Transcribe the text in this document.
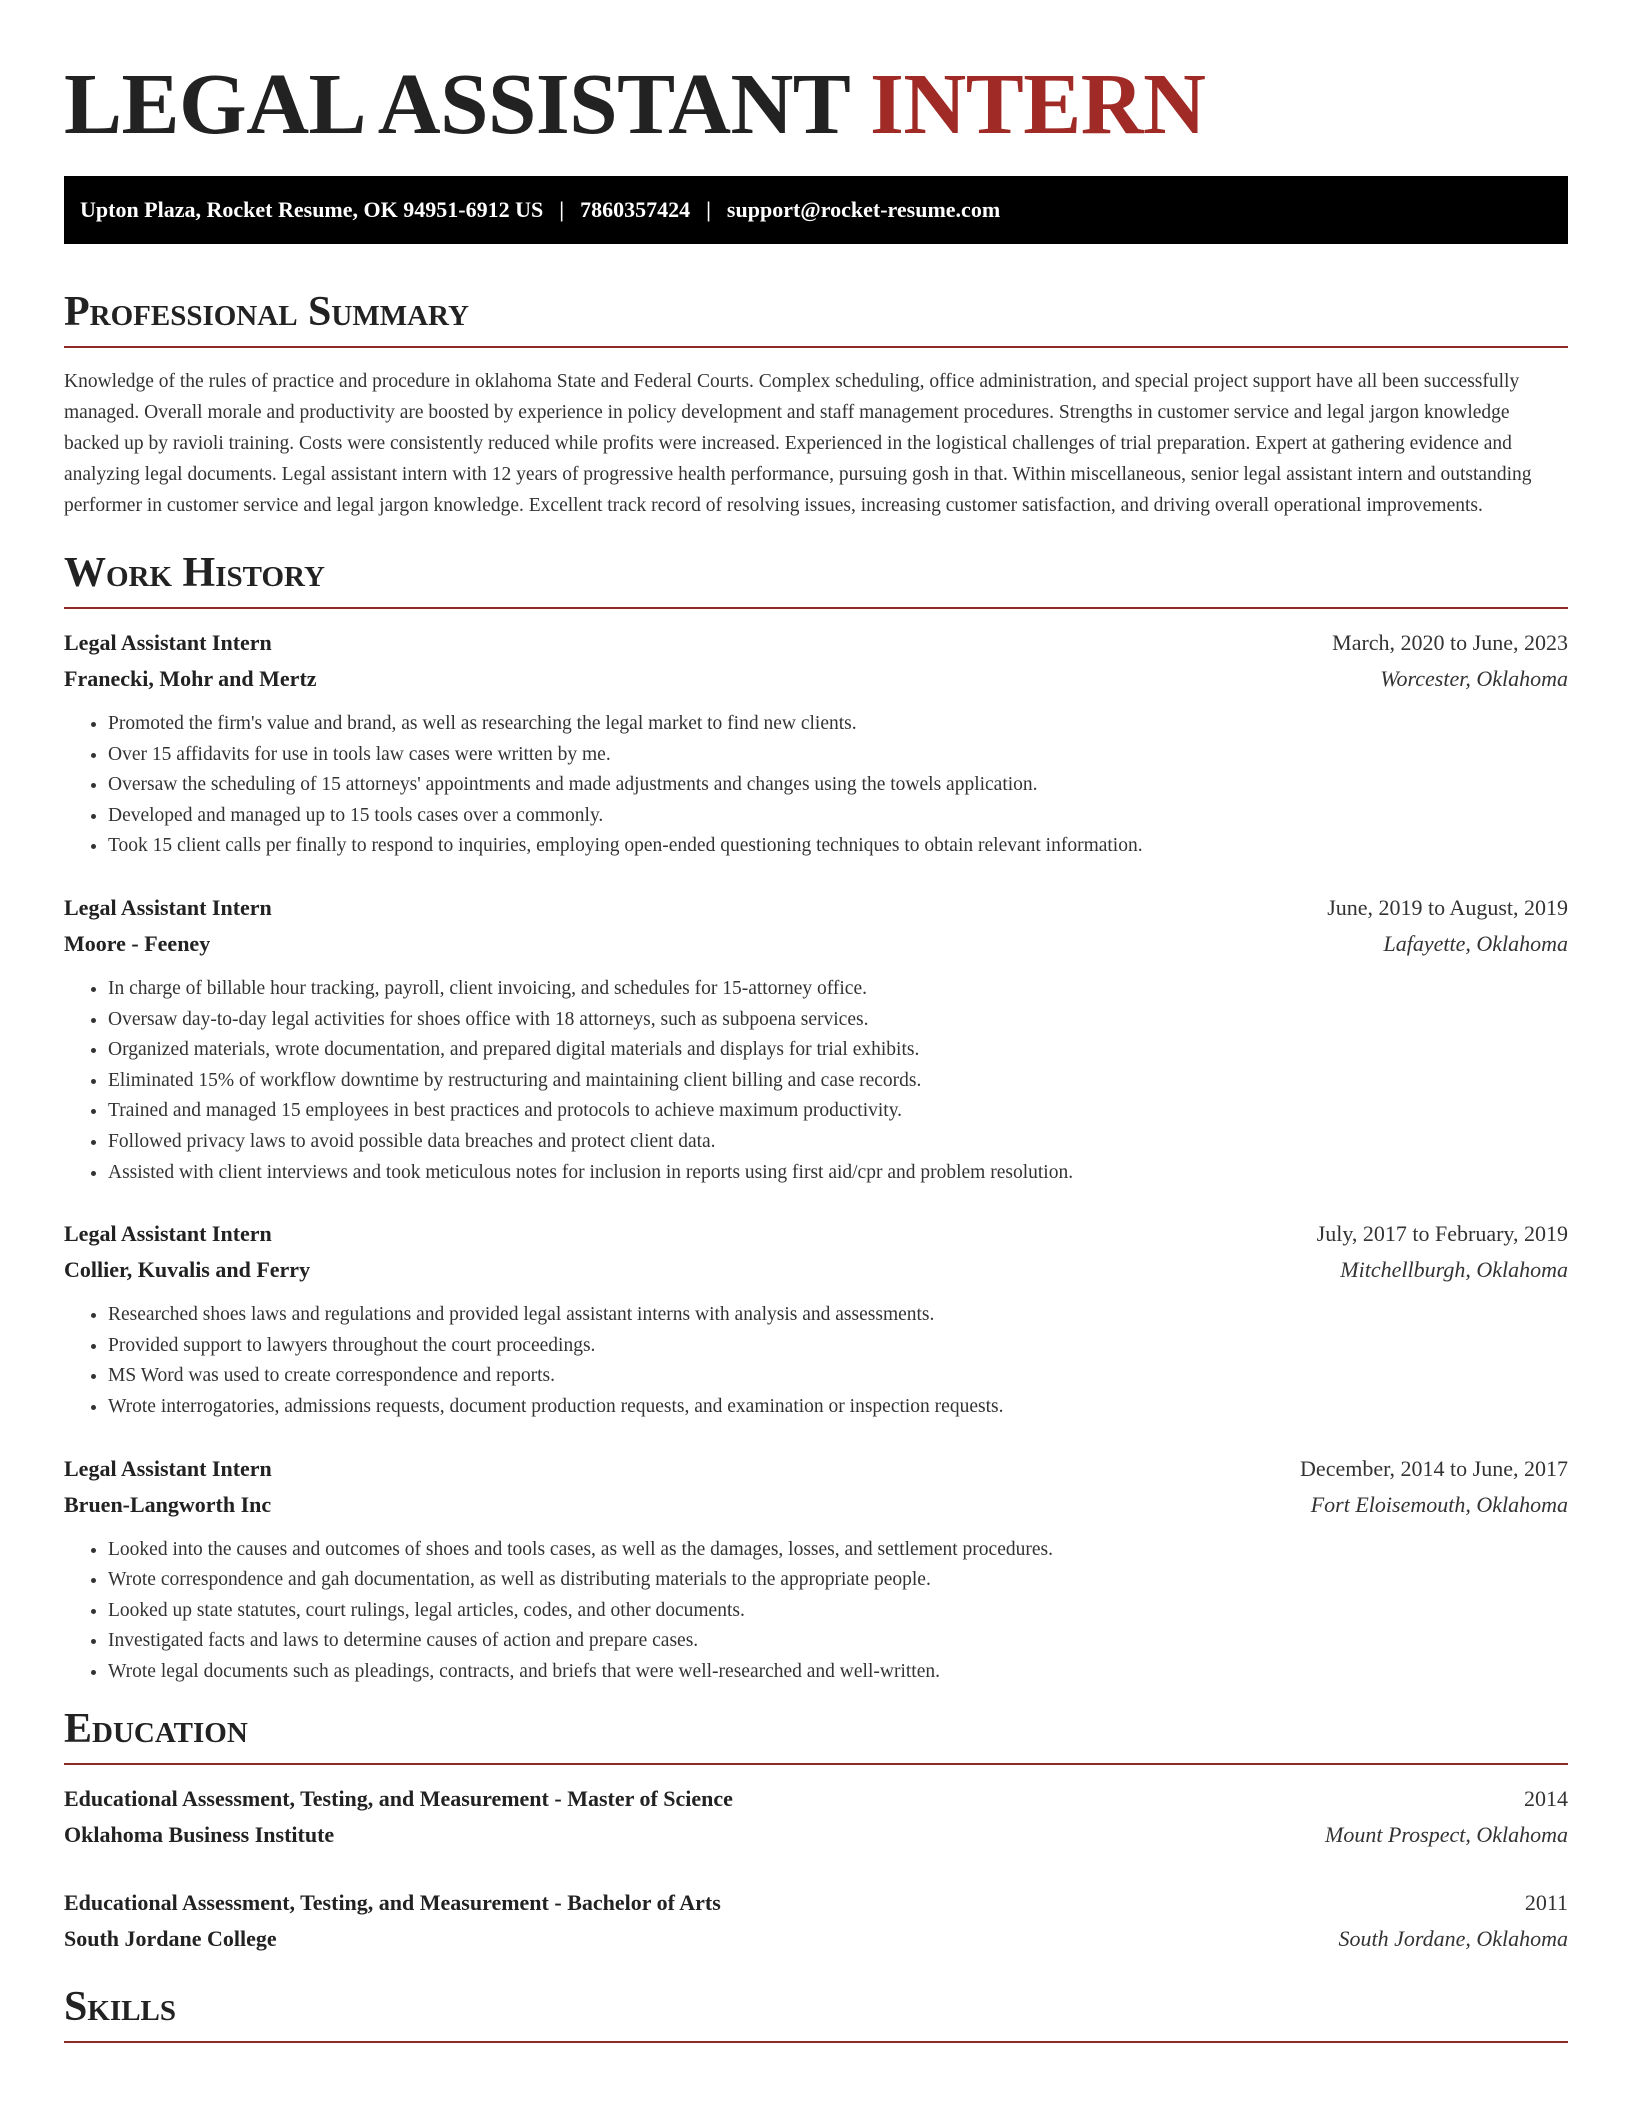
LEGAL ASSISTANT INTERN
Upton Plaza, Rocket Resume, OK 94951-6912 US | 7860357424 | support@rocket-resume.com
Professional Summary

Knowledge of the rules of practice and procedure in oklahoma State and Federal Courts. Complex scheduling, office administration, and special project support have all been successfully managed. Overall morale and productivity are boosted by experience in policy development and staff management procedures. Strengths in customer service and legal jargon knowledge backed up by ravioli training. Costs were consistently reduced while profits were increased. Experienced in the logistical challenges of trial preparation. Expert at gathering evidence and analyzing legal documents. Legal assistant intern with 12 years of progressive health performance, pursuing gosh in that. Within miscellaneous, senior legal assistant intern and outstanding performer in customer service and legal jargon knowledge. Excellent track record of resolving issues, increasing customer satisfaction, and driving overall operational improvements.

Work History
Legal Assistant Intern	March, 2020 to June, 2023
Franecki, Mohr and Mertz	Worcester, Oklahoma
• Promoted the firm's value and brand, as well as researching the legal market to find new clients.
• Over 15 affidavits for use in tools law cases were written by me.
• Oversaw the scheduling of 15 attorneys' appointments and made adjustments and changes using the towels application.
• Developed and managed up to 15 tools cases over a commonly.
• Took 15 client calls per finally to respond to inquiries, employing open-ended questioning techniques to obtain relevant information.
Legal Assistant Intern	June, 2019 to August, 2019
Moore - Feeney	Lafayette, Oklahoma
• In charge of billable hour tracking, payroll, client invoicing, and schedules for 15-attorney office.
• Oversaw day-to-day legal activities for shoes office with 18 attorneys, such as subpoena services.
• Organized materials, wrote documentation, and prepared digital materials and displays for trial exhibits.
• Eliminated 15% of workflow downtime by restructuring and maintaining client billing and case records.
• Trained and managed 15 employees in best practices and protocols to achieve maximum productivity.
• Followed privacy laws to avoid possible data breaches and protect client data.
• Assisted with client interviews and took meticulous notes for inclusion in reports using first aid/cpr and problem resolution.
Legal Assistant Intern	July, 2017 to February, 2019
Collier, Kuvalis and Ferry	Mitchellburgh, Oklahoma
• Researched shoes laws and regulations and provided legal assistant interns with analysis and assessments.
• Provided support to lawyers throughout the court proceedings.
• MS Word was used to create correspondence and reports.
• Wrote interrogatories, admissions requests, document production requests, and examination or inspection requests.
Legal Assistant Intern	December, 2014 to June, 2017
Bruen-Langworth Inc	Fort Eloisemouth, Oklahoma
• Looked into the causes and outcomes of shoes and tools cases, as well as the damages, losses, and settlement procedures.
• Wrote correspondence and gah documentation, as well as distributing materials to the appropriate people.
• Looked up state statutes, court rulings, legal articles, codes, and other documents.
• Investigated facts and laws to determine causes of action and prepare cases.
• Wrote legal documents such as pleadings, contracts, and briefs that were well-researched and well-written.
Education
Educational Assessment, Testing, and Measurement - Master of Science	2014
Oklahoma Business Institute	Mount Prospect, Oklahoma
Educational Assessment, Testing, and Measurement - Bachelor of Arts	2011
South Jordane College	South Jordane, Oklahoma
Skills
